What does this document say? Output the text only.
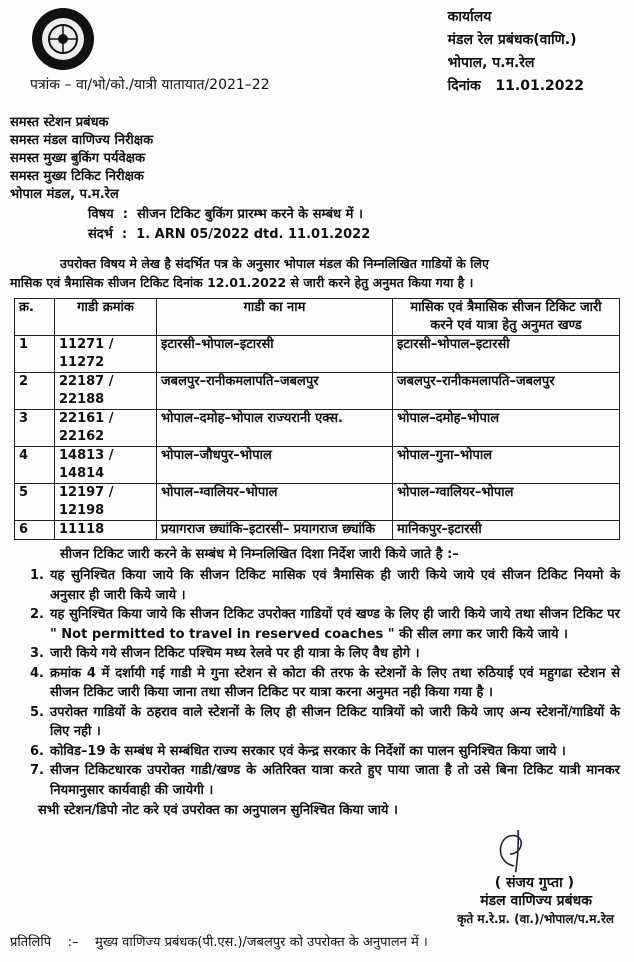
पत्रांक – वा/भो/को./यात्री यातायात/2021–22
कार्यालय
मंडल रेल प्रबंधक(वाणि.)
भोपाल, प.म.रेल
दिनांक 11.01.2022
समस्त स्टेशन प्रबंधक
समस्त मंडल वाणिज्य निरीक्षक
समस्त मुख्य बुकिंग पर्यवेक्षक
समस्त मुख्य टिकिट निरीक्षक
भोपाल मंडल, प.म.रेल
विषय : सीजन टिकिट बुकिंग प्रारम्भ करने के सम्बंध में ।
संदर्भ : 1. ARN 05/2022 dtd. 11.01.2022
उपरोक्त विषय मे लेख है संदर्भित पत्र के अनुसार भोपाल मंडल की निम्नलिखित गाडियों के लिए
मासिक एवं त्रैमासिक सीजन टिकिट दिनांक 12.01.2022 से जारी करने हेतु अनुमत किया गया है ।
क्र.	गाडी क्रमांक	गाडी का नाम	मासिक एवं त्रैमासिक सीजन टिकिट जारी करने एवं यात्रा हेतु अनुमत खण्ड
1	11271 / 11272	इटारसी–भोपाल–इटारसी	इटारसी–भोपाल–इटारसी
2	22187 / 22188	जबलपुर–रानीकमलापति–जबलपुर	जबलपुर–रानीकमलापति–जबलपुर
3	22161 / 22162	भोपाल–दमोह–भोपाल राज्यरानी एक्स.	भोपाल–दमोह–भोपाल
4	14813 / 14814	भोपाल–जौधपुर–भोपाल	भोपाल–गुना–भोपाल
5	12197 / 12198	भोपाल–ग्वालियर–भोपाल	भोपाल–ग्वालियर–भोपाल
6	11118	प्रयागराज छ्यांकि–इटारसी– प्रयागराज छ्यांकि	मानिकपुर–इटारसी
सीजन टिकिट जारी करने के सम्बंध मे निम्नलिखित दिशा निर्देश जारी किये जाते है :–
1. यह सुनिश्चित किया जाये कि सीजन टिकिट मासिक एवं त्रैमासिक ही जारी किये जाये एवं सीजन टिकिट नियमो के अनुसार ही जारी किये जाये ।
2. यह सुनिश्चित किया जाये कि सीजन टिकिट उपरोक्त गाडियों एवं खण्ड के लिए ही जारी किये जाये तथा सीजन टिकिट पर " Not permitted to travel in reserved coaches " की सील लगा कर जारी किये जाये ।
3. जारी किये गये सीजन टिकिट पश्चिम मध्य रेलवे पर ही यात्रा के लिए वैध होगे ।
4. क्रमांक 4 में दर्शायी गई गाडी मे गुना स्टेशन से कोटा की तरफ के स्टेशनों के लिए तथा रुठियाई एवं महुगढा स्टेशन से सीजन टिकिट जारी किया जाना तथा सीजन टिकिट पर यात्रा करना अनुमत नही किया गया है ।
5. उपरोक्त गाडियों के ठहराव वाले स्टेशनों के लिए ही सीजन टिकिट यात्रियों को जारी किये जाए अन्य स्टेशनों/गाडियों के लिए नही ।
6. कोविड–19 के सम्बंध मे सम्बंधित राज्य सरकार एवं केन्द्र सरकार के निर्देशों का पालन सुनिश्चित किया जाये ।
7. सीजन टिकिटधारक उपरोक्त गाडी/खण्ड के अतिरिक्त यात्रा करते हुए पाया जाता है तो उसे बिना टिकिट यात्री मानकर नियमानुसार कार्यवाही की जायेगी ।
सभी स्टेशन/डिपो नोट करे एवं उपरोक्त का अनुपालन सुनिश्चित किया जाये ।
( संजय गुप्ता )
मंडल वाणिज्य प्रबंधक
कृते म.रे.प्र. (वा.)/भोपाल/प.म.रेल
प्रतिलिपि :– मुख्य वाणिज्य प्रबंधक(पी.एस.)/जबलपुर को उपरोक्त के अनुपालन में ।
